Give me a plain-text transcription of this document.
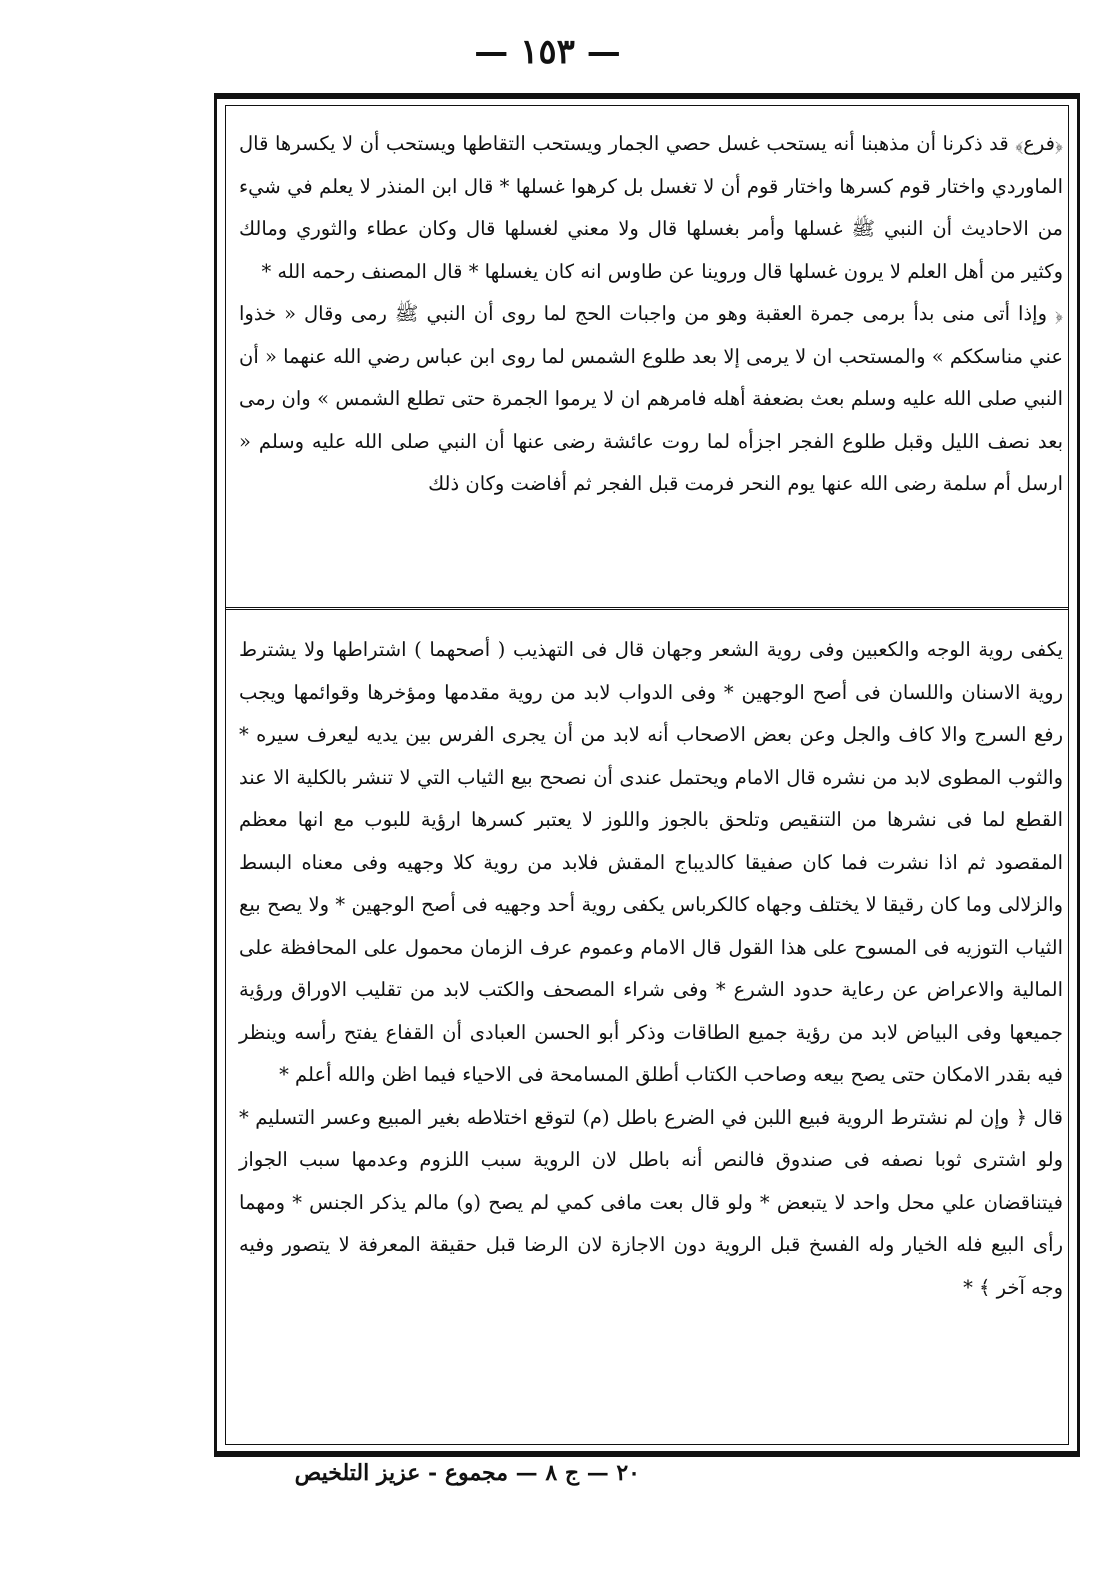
— ١٥٣ —

﴿فرع﴾ قد ذكرنا أن مذهبنا أنه يستحب غسل حصي الجمار ويستحب التقاطها ويستحب أن لا يكسرها قال الماوردي واختار قوم كسرها واختار قوم أن لا تغسل بل كرهوا غسلها * قال ابن المنذر لا يعلم في شيء من الاحاديث أن النبي ﷺ غسلها وأمر بغسلها قال ولا معني لغسلها قال وكان عطاء والثوري ومالك وكثير من أهل العلم لا يرون غسلها قال وروينا عن طاوس انه كان يغسلها * قال المصنف رحمه الله *

﴿ وإذا أتى منى بدأ برمى جمرة العقبة وهو من واجبات الحج لما روى أن النبي ﷺ رمى وقال « خذوا عني مناسككم » والمستحب ان لا يرمى إلا بعد طلوع الشمس لما روى ابن عباس رضي الله عنهما « أن النبي صلى الله عليه وسلم بعث بضعفة أهله فامرهم ان لا يرموا الجمرة حتى تطلع الشمس » وان رمى بعد نصف الليل وقبل طلوع الفجر اجزأه لما روت عائشة رضى عنها أن النبي صلى الله عليه وسلم « ارسل أم سلمة رضى الله عنها يوم النحر فرمت قبل الفجر ثم أفاضت وكان ذلك

يكفى روية الوجه والكعبين وفى روية الشعر وجهان قال فى التهذيب ( أصحهما ) اشتراطها ولا يشترط روية الاسنان واللسان فى أصح الوجهين * وفى الدواب لابد من روية مقدمها ومؤخرها وقوائمها ويجب رفع السرج والا كاف والجل وعن بعض الاصحاب أنه لابد من أن يجرى الفرس بين يديه ليعرف سيره * والثوب المطوى لابد من نشره قال الامام ويحتمل عندى أن نصحح بيع الثياب التي لا تنشر بالكلية الا عند القطع لما فى نشرها من التنقيص وتلحق بالجوز واللوز لا يعتبر كسرها ارؤية للبوب مع انها معظم المقصود ثم اذا نشرت فما كان صفيقا كالديباج المقش فلابد من روية كلا وجهيه وفى معناه البسط والزلالى وما كان رقيقا لا يختلف وجهاه كالكرباس يكفى روية أحد وجهيه فى أصح الوجهين * ولا يصح بيع الثياب التوزيه فى المسوح على هذا القول قال الامام وعموم عرف الزمان محمول على المحافظة على المالية والاعراض عن رعاية حدود الشرع * وفى شراء المصحف والكتب لابد من تقليب الاوراق ورؤية جميعها وفى البياض لابد من رؤية جميع الطاقات وذكر أبو الحسن العبادى أن القفاع يفتح رأسه وينظر فيه بقدر الامكان حتى يصح بيعه وصاحب الكتاب أطلق المسامحة فى الاحياء فيما اظن والله أعلم *

قال ﴿ وإن لم نشترط الروية فبيع اللبن في الضرع باطل (م) لتوقع اختلاطه بغير المبيع وعسر التسليم * ولو اشترى ثوبا نصفه فى صندوق فالنص أنه باطل لان الروية سبب اللزوم وعدمها سبب الجواز فيتناقضان علي محل واحد لا يتبعض * ولو قال بعت مافى كمي لم يصح (و) مالم يذكر الجنس * ومهما رأى البيع فله الخيار وله الفسخ قبل الروية دون الاجازة لان الرضا قبل حقيقة المعرفة لا يتصور وفيه وجه آخر ﴾ *

٢٠ — ج ٨ — مجموع - عزيز التلخيص
